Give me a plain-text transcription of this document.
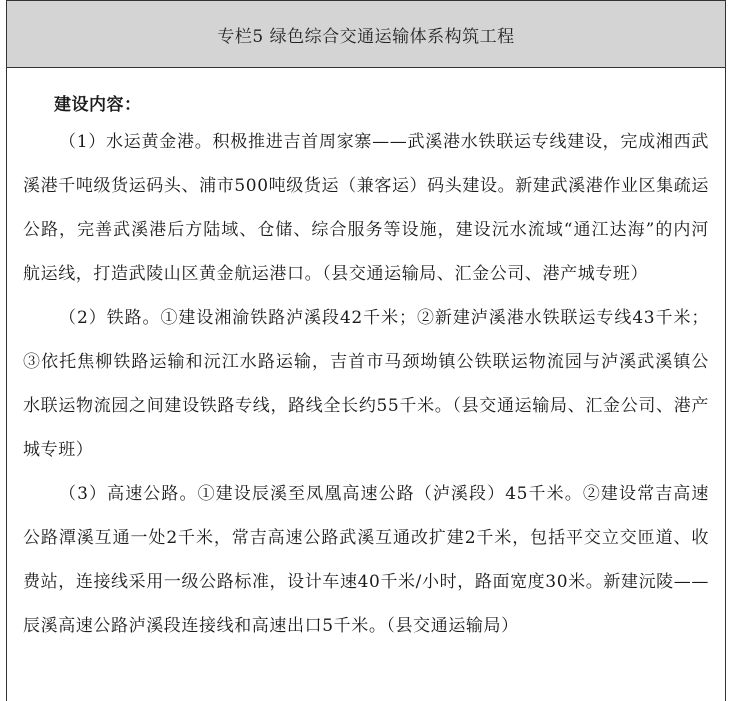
专栏5 绿色综合交通运输体系构筑工程
建设内容：

（1）水运黄金港。积极推进吉首周家寨——武溪港水铁联运专线建设，完成湘西武溪港千吨级货运码头、浦市500吨级货运（兼客运）码头建设。新建武溪港作业区集疏运公路，完善武溪港后方陆域、仓储、综合服务等设施，建设沅水流域“通江达海”的内河航运线，打造武陵山区黄金航运港口。（县交通运输局、汇金公司、港产城专班）

（2）铁路。①建设湘渝铁路泸溪段42千米；②新建泸溪港水铁联运专线43千米；③依托焦柳铁路运输和沅江水路运输，吉首市马颈坳镇公铁联运物流园与泸溪武溪镇公水联运物流园之间建设铁路专线，路线全长约55千米。（县交通运输局、汇金公司、港产城专班）

（3）高速公路。①建设辰溪至凤凰高速公路（泸溪段）45千米。②建设常吉高速公路潭溪互通一处2千米，常吉高速公路武溪互通改扩建2千米，包括平交立交匝道、收费站，连接线采用一级公路标准，设计车速40千米/小时，路面宽度30米。新建沅陵——辰溪高速公路泸溪段连接线和高速出口5千米。（县交通运输局）
